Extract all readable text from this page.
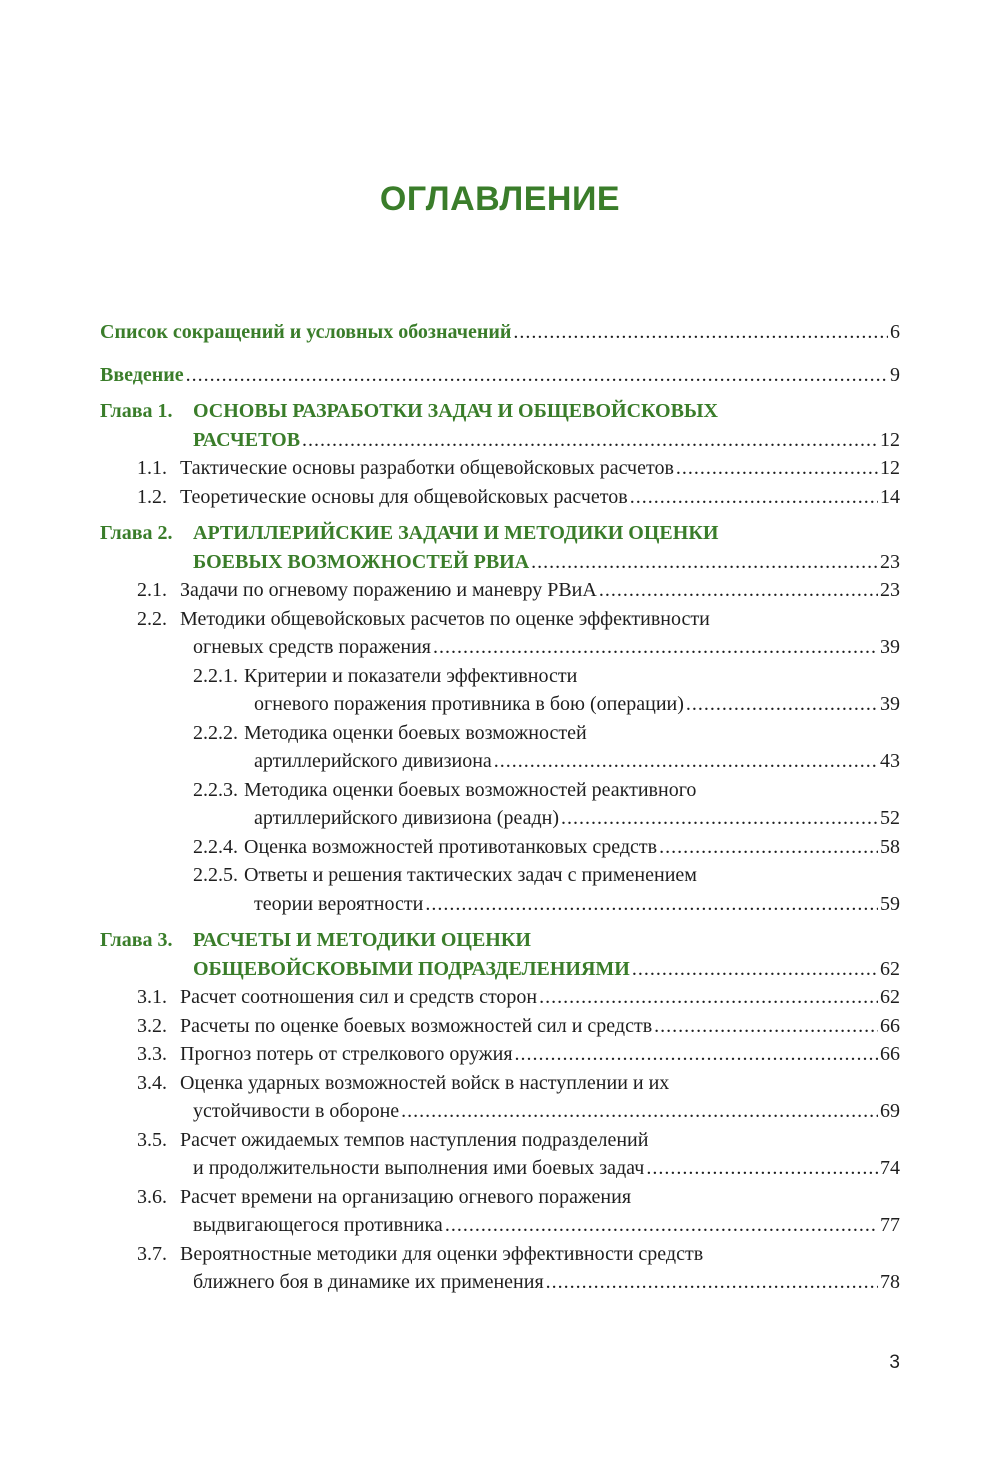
ОГЛАВЛЕНИЕ
Список сокращений и условных обозначений .....	6
Введение .....	9
Глава 1.	ОСНОВЫ РАЗРАБОТКИ ЗАДАЧ И ОБЩЕВОЙСКОВЫХ
РАСЧЕТОВ .....	12
1.1. Тактические основы разработки общевойсковых расчетов .....	12
1.2. Теоретические основы для общевойсковых расчетов .....	14
Глава 2.	АРТИЛЛЕРИЙСКИЕ ЗАДАЧИ И МЕТОДИКИ ОЦЕНКИ
БОЕВЫХ ВОЗМОЖНОСТЕЙ РВИА .....	23
2.1. Задачи по огневому поражению и маневру РВиА .....	23
2.2. Методики общевойсковых расчетов по оценке эффективности
огневых средств поражения .....	39
2.2.1. Критерии и показатели эффективности
огневого поражения противника в бою (операции) .....	39
2.2.2. Методика оценки боевых возможностей
артиллерийского дивизиона .....	43
2.2.3. Методика оценки боевых возможностей реактивного
артиллерийского дивизиона (реадн) .....	52
2.2.4. Оценка возможностей противотанковых средств .....	58
2.2.5. Ответы и решения тактических задач с применением
теории вероятности .....	59
Глава 3.	РАСЧЕТЫ И МЕТОДИКИ ОЦЕНКИ
ОБЩЕВОЙСКОВЫМИ ПОДРАЗДЕЛЕНИЯМИ .....	62
3.1. Расчет соотношения сил и средств сторон .....	62
3.2. Расчеты по оценке боевых возможностей сил и средств .....	66
3.3. Прогноз потерь от стрелкового оружия .....	66
3.4. Оценка ударных возможностей войск в наступлении и их
устойчивости в обороне .....	69
3.5. Расчет ожидаемых темпов наступления подразделений
и продолжительности выполнения ими боевых задач .....	74
3.6. Расчет времени на организацию огневого поражения
выдвигающегося противника .....	77
3.7. Вероятностные методики для оценки эффективности средств
ближнего боя в динамике их применения .....	78
3
